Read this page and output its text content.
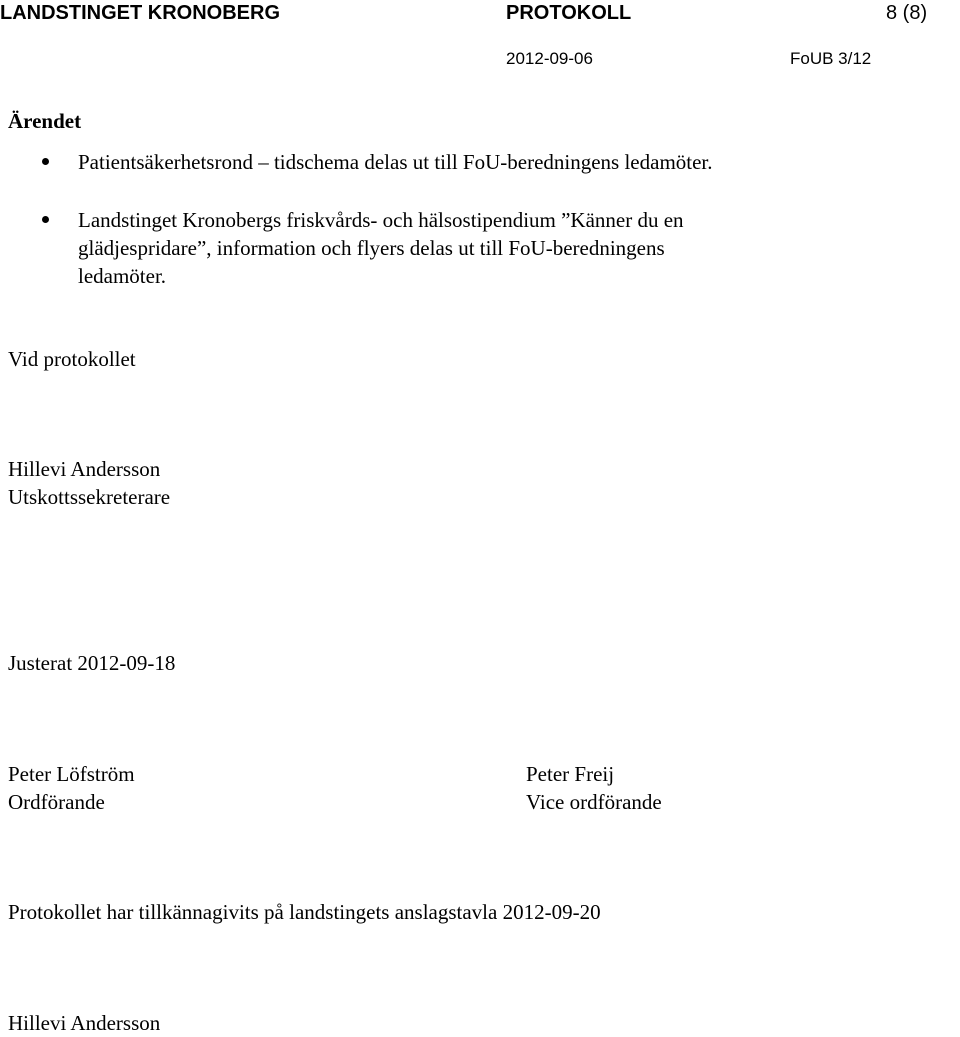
LANDSTINGET KRONOBERG	PROTOKOLL	8 (8)
2012-09-06	FoUB 3/12
Ärendet
Patientsäkerhetsrond – tidschema delas ut till FoU-beredningens ledamöter.
Landstinget Kronobergs friskvårds- och hälsostipendium ”Känner du en
glädjespridare”, information och flyers delas ut till FoU-beredningens
ledamöter.
Vid protokollet
Hillevi Andersson
Utskottssekreterare
Justerat 2012-09-18
Peter Löfström
Ordförande
Peter Freij
Vice ordförande
Protokollet har tillkännagivits på landstingets anslagstavla 2012-09-20
Hillevi Andersson
